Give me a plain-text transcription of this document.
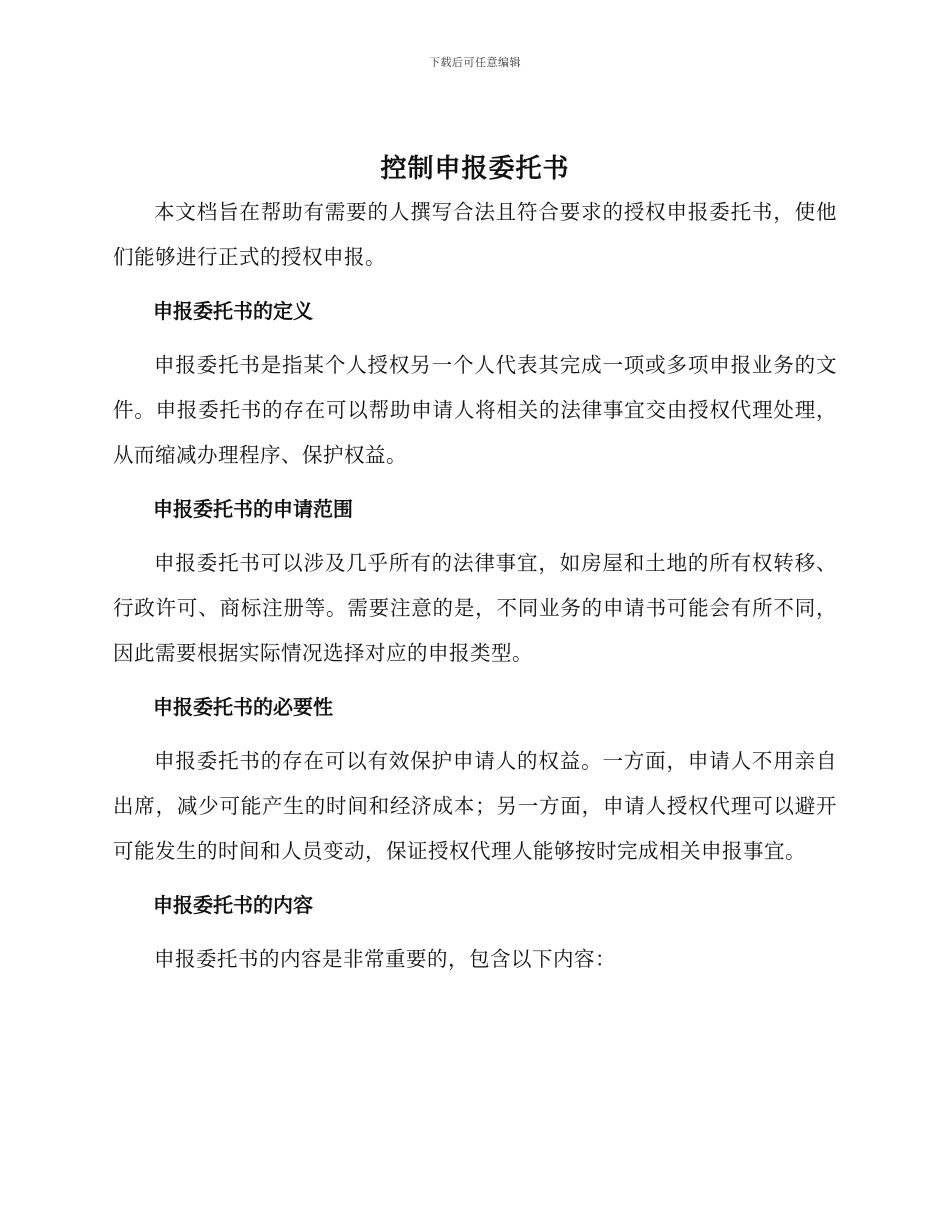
下载后可任意编辑
控制申报委托书

本文档旨在帮助有需要的人撰写合法且符合要求的授权申报委托书，使他们能够进行正式的授权申报。

申报委托书的定义

申报委托书是指某个人授权另一个人代表其完成一项或多项申报业务的文件。申报委托书的存在可以帮助申请人将相关的法律事宜交由授权代理处理，从而缩减办理程序、保护权益。

申报委托书的申请范围

申报委托书可以涉及几乎所有的法律事宜，如房屋和土地的所有权转移、行政许可、商标注册等。需要注意的是，不同业务的申请书可能会有所不同，因此需要根据实际情况选择对应的申报类型。

申报委托书的必要性

申报委托书的存在可以有效保护申请人的权益。一方面，申请人不用亲自出席，减少可能产生的时间和经济成本；另一方面，申请人授权代理可以避开可能发生的时间和人员变动，保证授权代理人能够按时完成相关申报事宜。

申报委托书的内容

申报委托书的内容是非常重要的，包含以下内容：
